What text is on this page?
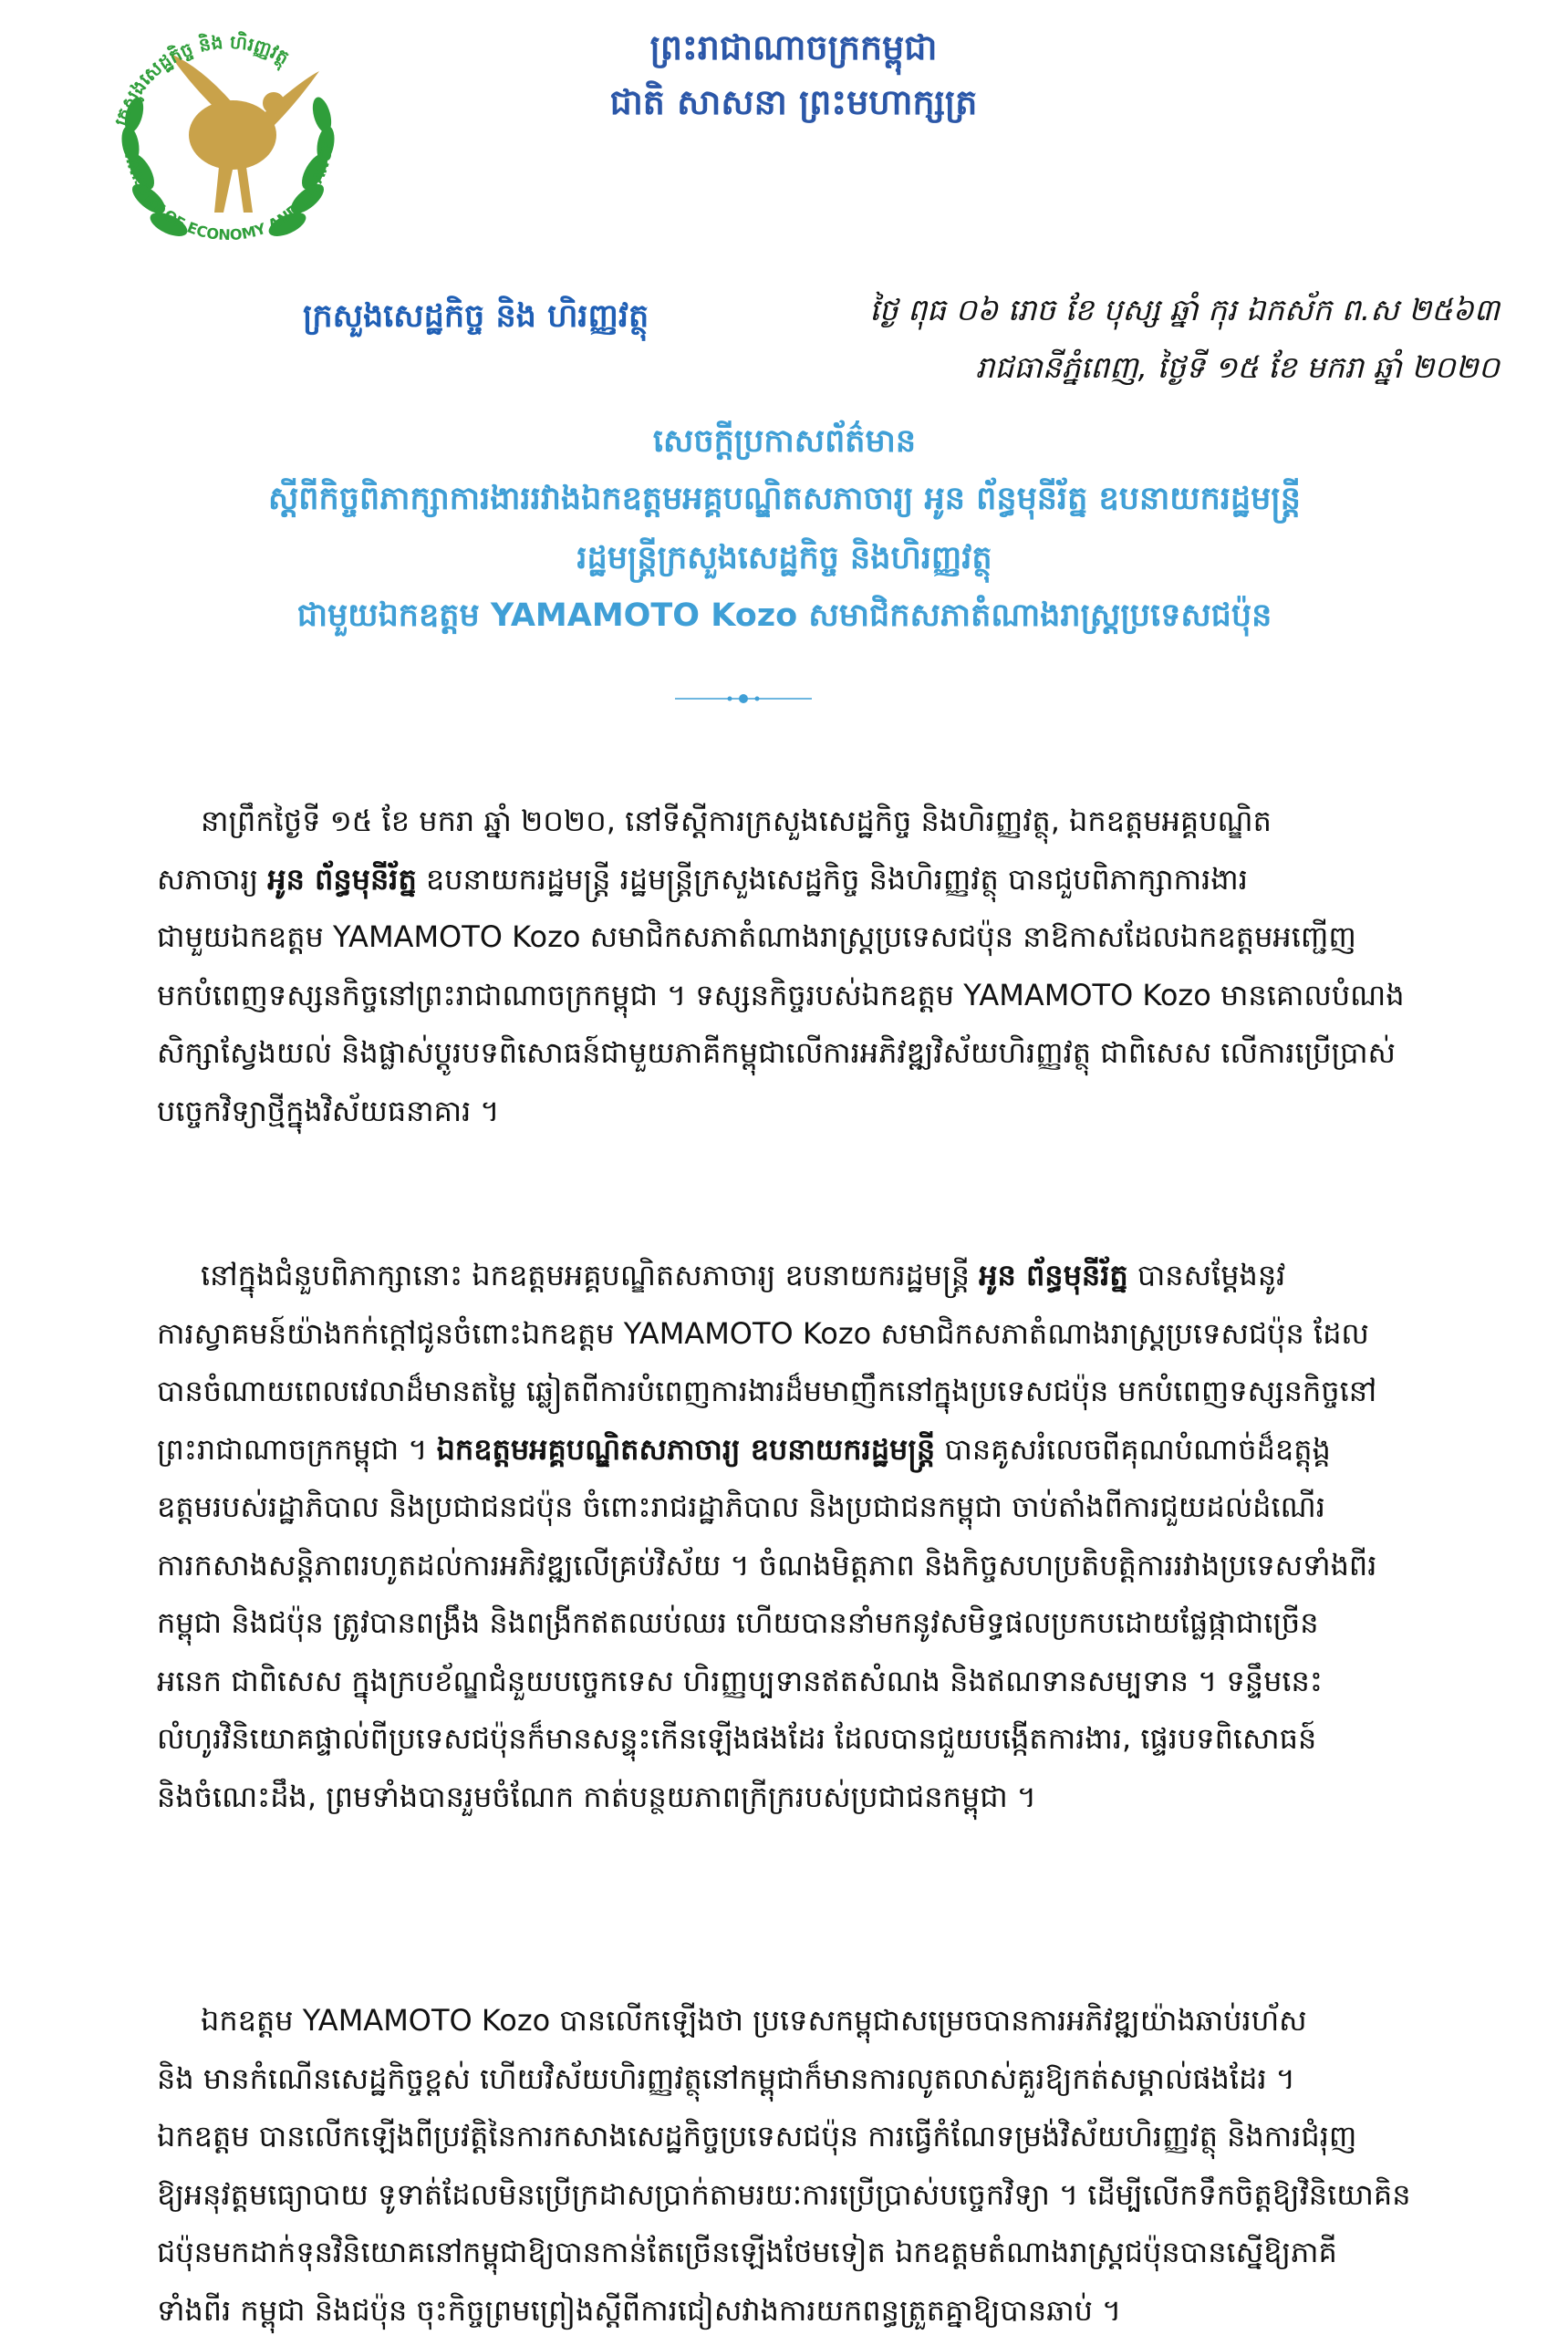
MINISTRY OF ECONOMY AND FINANCE
ក្រសួងសេដ្ឋកិច្ច និង ហិរញ្ញវត្ថុ	ព្រះរាជាណាចក្រកម្ពុជា
ជាតិ សាសនា ព្រះមហាក្សត្រ
ក្រសួងសេដ្ឋកិច្ច និង ហិរញ្ញវត្ថុ	ថ្ងៃ ពុធ ០៦ រោច ខែ បុស្ស ឆ្នាំ កុរ ឯកស័ក ព.ស ២៥៦៣
រាជធានីភ្នំពេញ, ថ្ងៃទី ១៥ ខែ មករា ឆ្នាំ ២០២០
សេចក្តីប្រកាសព័ត៌មាន
ស្តីពីកិច្ចពិភាក្សាការងាររវាងឯកឧត្តមអគ្គបណ្ឌិតសភាចារ្យ អូន ព័ន្ធមុនីរ័ត្ន ឧបនាយករដ្ឋមន្ត្រី
រដ្ឋមន្ត្រីក្រសួងសេដ្ឋកិច្ច និងហិរញ្ញវត្ថុ
ជាមួយឯកឧត្តម YAMAMOTO Kozo សមាជិកសភាតំណាងរាស្ត្រប្រទេសជប៉ុន
នាព្រឹកថ្ងៃទី ១៥ ខែ មករា ឆ្នាំ ២០២០, នៅទីស្តីការក្រសួងសេដ្ឋកិច្ច និងហិរញ្ញវត្ថុ, ឯកឧត្តមអគ្គបណ្ឌិត
សភាចារ្យ អូន ព័ន្ធមុនីរ័ត្ន ឧបនាយករដ្ឋមន្ត្រី រដ្ឋមន្ត្រីក្រសួងសេដ្ឋកិច្ច និងហិរញ្ញវត្ថុ បានជួបពិភាក្សាការងារ
ជាមួយឯកឧត្តម YAMAMOTO Kozo សមាជិកសភាតំណាងរាស្ត្រប្រទេសជប៉ុន នាឱកាសដែលឯកឧត្តមអញ្ជើញ
មកបំពេញទស្សនកិច្ចនៅព្រះរាជាណាចក្រកម្ពុជា ។ ទស្សនកិច្ចរបស់ឯកឧត្តម YAMAMOTO Kozo មានគោលបំណង
សិក្សាស្វែងយល់ និងផ្លាស់ប្តូរបទពិសោធន៍ជាមួយភាគីកម្ពុជាលើការអភិវឌ្ឍវិស័យហិរញ្ញវត្ថុ ជាពិសេស លើការប្រើប្រាស់
បច្ចេកវិទ្យាថ្មីក្នុងវិស័យធនាគារ ។
នៅក្នុងជំនួបពិភាក្សានោះ ឯកឧត្តមអគ្គបណ្ឌិតសភាចារ្យ ឧបនាយករដ្ឋមន្ត្រី អូន ព័ន្ធមុនីរ័ត្ន បានសម្តែងនូវ
ការស្វាគមន៍យ៉ាងកក់ក្តៅជូនចំពោះឯកឧត្តម YAMAMOTO Kozo សមាជិកសភាតំណាងរាស្ត្រប្រទេសជប៉ុន ដែល
បានចំណាយពេលវេលាដ៏មានតម្លៃ ឆ្លៀតពីការបំពេញការងារដ៏មមាញឹកនៅក្នុងប្រទេសជប៉ុន មកបំពេញទស្សនកិច្ចនៅ
ព្រះរាជាណាចក្រកម្ពុជា ។ ឯកឧត្តមអគ្គបណ្ឌិតសភាចារ្យ ឧបនាយករដ្ឋមន្ត្រី បានគូសរំលេចពីគុណបំណាច់ដ៏ឧត្តុង្គ
ឧត្តមរបស់រដ្ឋាភិបាល និងប្រជាជនជប៉ុន ចំពោះរាជរដ្ឋាភិបាល និងប្រជាជនកម្ពុជា ចាប់តាំងពីការជួយដល់ដំណើរ
ការកសាងសន្តិភាពរហូតដល់ការអភិវឌ្ឍលើគ្រប់វិស័យ ។ ចំណងមិត្តភាព និងកិច្ចសហប្រតិបត្តិការរវាងប្រទេសទាំងពីរ
កម្ពុជា និងជប៉ុន ត្រូវបានពង្រឹង និងពង្រីកឥតឈប់ឈរ ហើយបាននាំមកនូវសមិទ្ធផលប្រកបដោយផ្លែផ្កាជាច្រើន
អនេក ជាពិសេស ក្នុងក្របខ័ណ្ឌជំនួយបច្ចេកទេស ហិរញ្ញប្បទានឥតសំណង និងឥណទានសម្បទាន ។ ទន្ទឹមនេះ
លំហូរវិនិយោគផ្ទាល់ពីប្រទេសជប៉ុនក៏មានសន្ទុះកើនឡើងផងដែរ ដែលបានជួយបង្កើតការងារ, ផ្ទេរបទពិសោធន៍
និងចំណេះដឹង, ព្រមទាំងបានរួមចំណែក កាត់បន្ថយភាពក្រីក្ររបស់ប្រជាជនកម្ពុជា ។
ឯកឧត្តម YAMAMOTO Kozo បានលើកឡើងថា ប្រទេសកម្ពុជាសម្រេចបានការអភិវឌ្ឍយ៉ាងឆាប់រហ័ស
និង មានកំណើនសេដ្ឋកិច្ចខ្ពស់ ហើយវិស័យហិរញ្ញវត្ថុនៅកម្ពុជាក៏មានការលូតលាស់គួរឱ្យកត់សម្គាល់ផងដែរ ។
ឯកឧត្តម បានលើកឡើងពីប្រវត្តិនៃការកសាងសេដ្ឋកិច្ចប្រទេសជប៉ុន ការធ្វើកំណែទម្រង់វិស័យហិរញ្ញវត្ថុ និងការជំរុញ
ឱ្យអនុវត្តមធ្យោបាយ ទូទាត់ដែលមិនប្រើក្រដាសប្រាក់តាមរយៈការប្រើប្រាស់បច្ចេកវិទ្យា ។ ដើម្បីលើកទឹកចិត្តឱ្យវិនិយោគិន
ជប៉ុនមកដាក់ទុនវិនិយោគនៅកម្ពុជាឱ្យបានកាន់តែច្រើនឡើងថែមទៀត ឯកឧត្តមតំណាងរាស្ត្រជប៉ុនបានស្នើឱ្យភាគី
ទាំងពីរ កម្ពុជា និងជប៉ុន ចុះកិច្ចព្រមព្រៀងស្តីពីការជៀសវាងការយកពន្ធត្រួតគ្នាឱ្យបានឆាប់ ។
